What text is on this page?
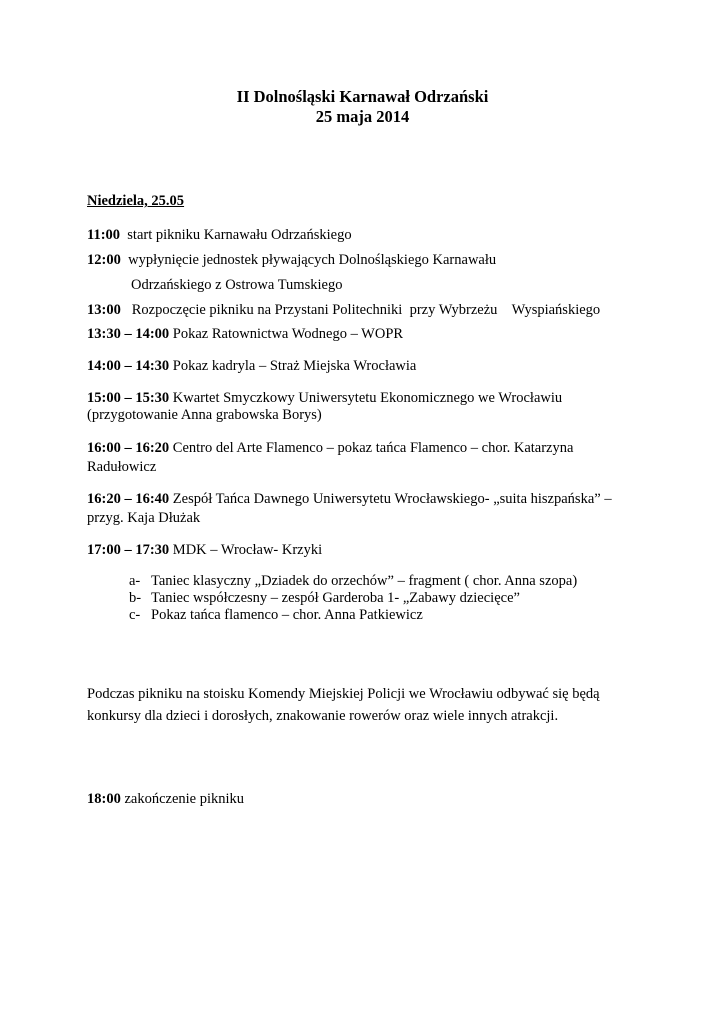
II Dolnośląski Karnawał Odrzański
25 maja 2014
Niedziela, 25.05
11:00 start pikniku Karnawału Odrzańskiego
12:00 wypłynięcie jednostek pływających Dolnośląskiego Karnawału
Odrzańskiego z Ostrowa Tumskiego
13:00 Rozpoczęcie pikniku na Przystani Politechniki  przy Wybrzeżu    Wyspiańskiego
13:30 – 14:00 Pokaz Ratownictwa Wodnego – WOPR
14:00 – 14:30 Pokaz kadryla – Straż Miejska Wrocławia
15:00 – 15:30 Kwartet Smyczkowy Uniwersytetu Ekonomicznego we Wrocławiu
(przygotowanie Anna grabowska Borys)
16:00 – 16:20 Centro del Arte Flamenco – pokaz tańca Flamenco – chor. Katarzyna
Radułowicz
16:20 – 16:40 Zespół Tańca Dawnego Uniwersytetu Wrocławskiego- „suita hiszpańska” –
przyg. Kaja Dłużak
17:00 – 17:30 MDK – Wrocław- Krzyki
a- Taniec klasyczny „Dziadek do orzechów” – fragment ( chor. Anna szopa)
b- Taniec współczesny – zespół Garderoba 1- „Zabawy dziecięce”
c- Pokaz tańca flamenco – chor. Anna Patkiewicz
Podczas pikniku na stoisku Komendy Miejskiej Policji we Wrocławiu odbywać się będą
konkursy dla dzieci i dorosłych, znakowanie rowerów oraz wiele innych atrakcji.
18:00 zakończenie pikniku
